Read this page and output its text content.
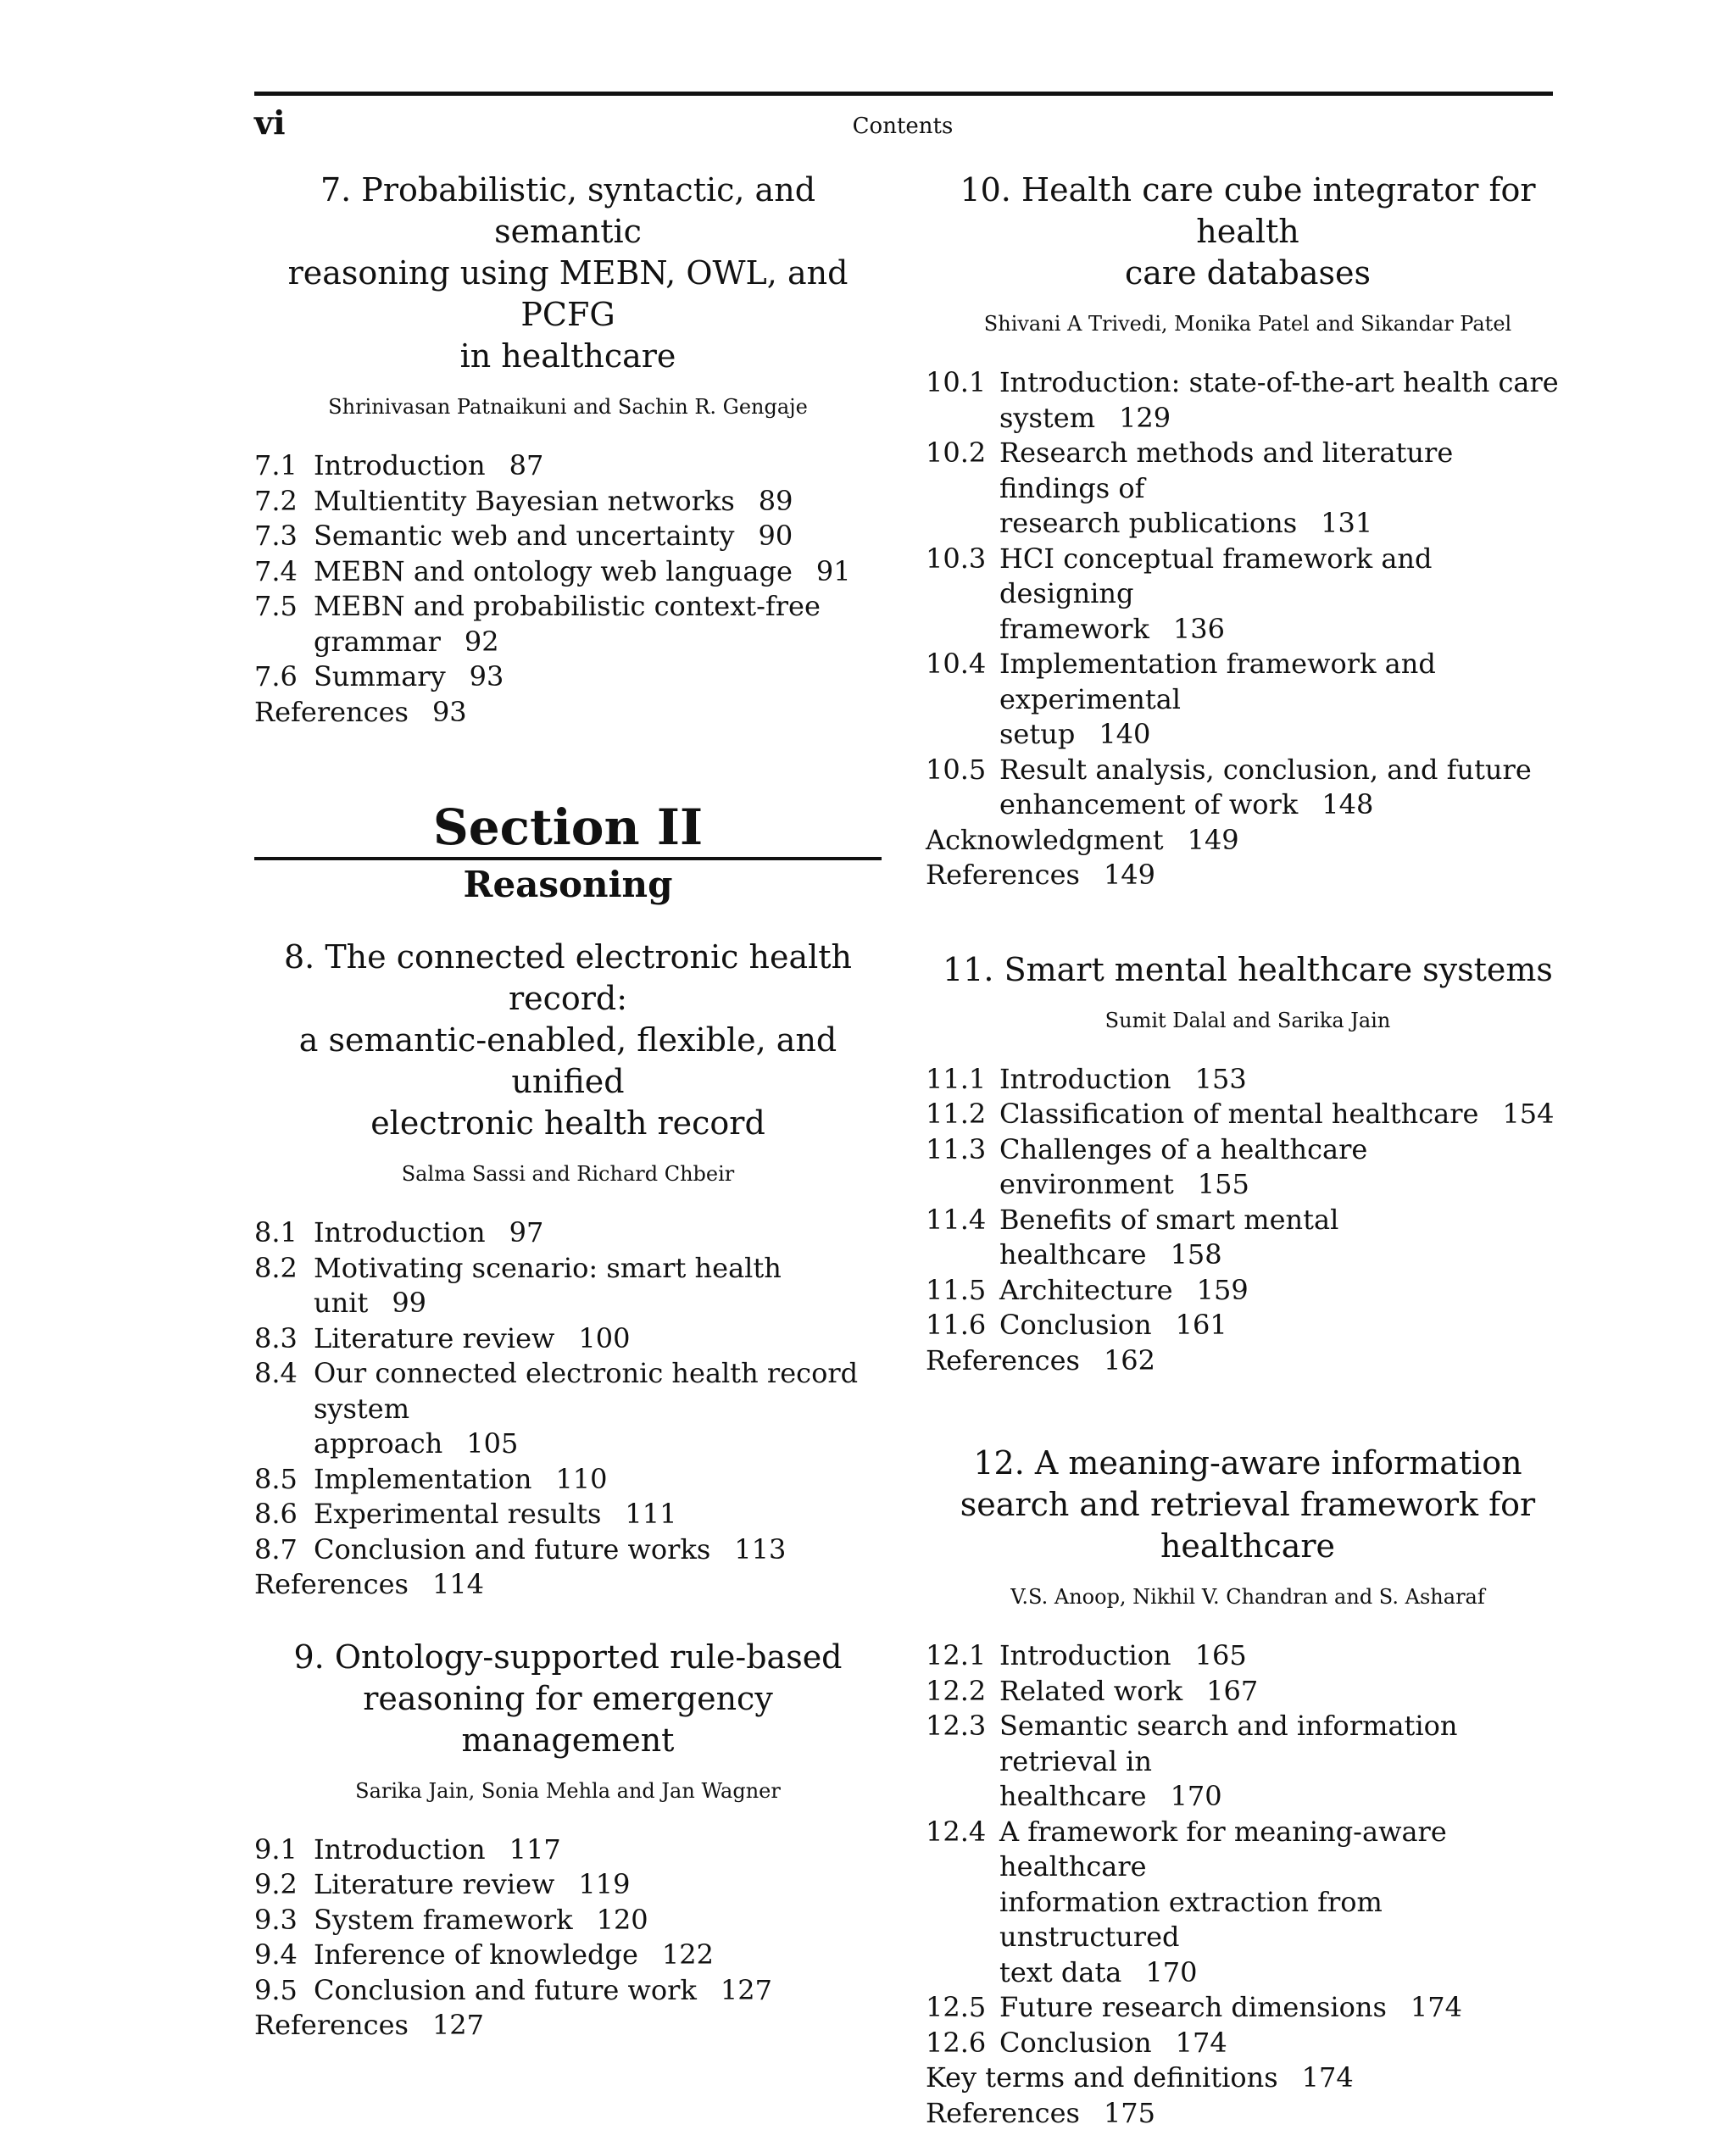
vi	Contents
7. Probabilistic, syntactic, and semantic
reasoning using MEBN, OWL, and PCFG
in healthcare
Shrinivasan Patnaikuni and Sachin R. Gengaje
7.1 Introduction 87
7.2 Multientity Bayesian networks 89
7.3 Semantic web and uncertainty 90
7.4 MEBN and ontology web language 91
7.5 MEBN and probabilistic context-free
grammar 92
7.6 Summary 93
References 93
Section II
Reasoning
8. The connected electronic health record:
a semantic-enabled, flexible, and unified
electronic health record
Salma Sassi and Richard Chbeir
8.1 Introduction 97
8.2 Motivating scenario: smart health unit 99
8.3 Literature review 100
8.4 Our connected electronic health record system
approach 105
8.5 Implementation 110
8.6 Experimental results 111
8.7 Conclusion and future works 113
References 114
9. Ontology-supported rule-based
reasoning for emergency management
Sarika Jain, Sonia Mehla and Jan Wagner
9.1 Introduction 117
9.2 Literature review 119
9.3 System framework 120
9.4 Inference of knowledge 122
9.5 Conclusion and future work 127
References 127
10. Health care cube integrator for health
care databases
Shivani A Trivedi, Monika Patel and Sikandar Patel
10.1 Introduction: state-of-the-art health care
system 129
10.2 Research methods and literature findings of
research publications 131
10.3 HCI conceptual framework and designing
framework 136
10.4 Implementation framework and experimental
setup 140
10.5 Result analysis, conclusion, and future
enhancement of work 148
Acknowledgment 149
References 149
11. Smart mental healthcare systems
Sumit Dalal and Sarika Jain
11.1 Introduction 153
11.2 Classification of mental healthcare 154
11.3 Challenges of a healthcare environment 155
11.4 Benefits of smart mental healthcare 158
11.5 Architecture 159
11.6 Conclusion 161
References 162
12. A meaning-aware information
search and retrieval framework for
healthcare
V.S. Anoop, Nikhil V. Chandran and S. Asharaf
12.1 Introduction 165
12.2 Related work 167
12.3 Semantic search and information retrieval in
healthcare 170
12.4 A framework for meaning-aware healthcare
information extraction from unstructured
text data 170
12.5 Future research dimensions 174
12.6 Conclusion 174
Key terms and definitions 174
References 175
